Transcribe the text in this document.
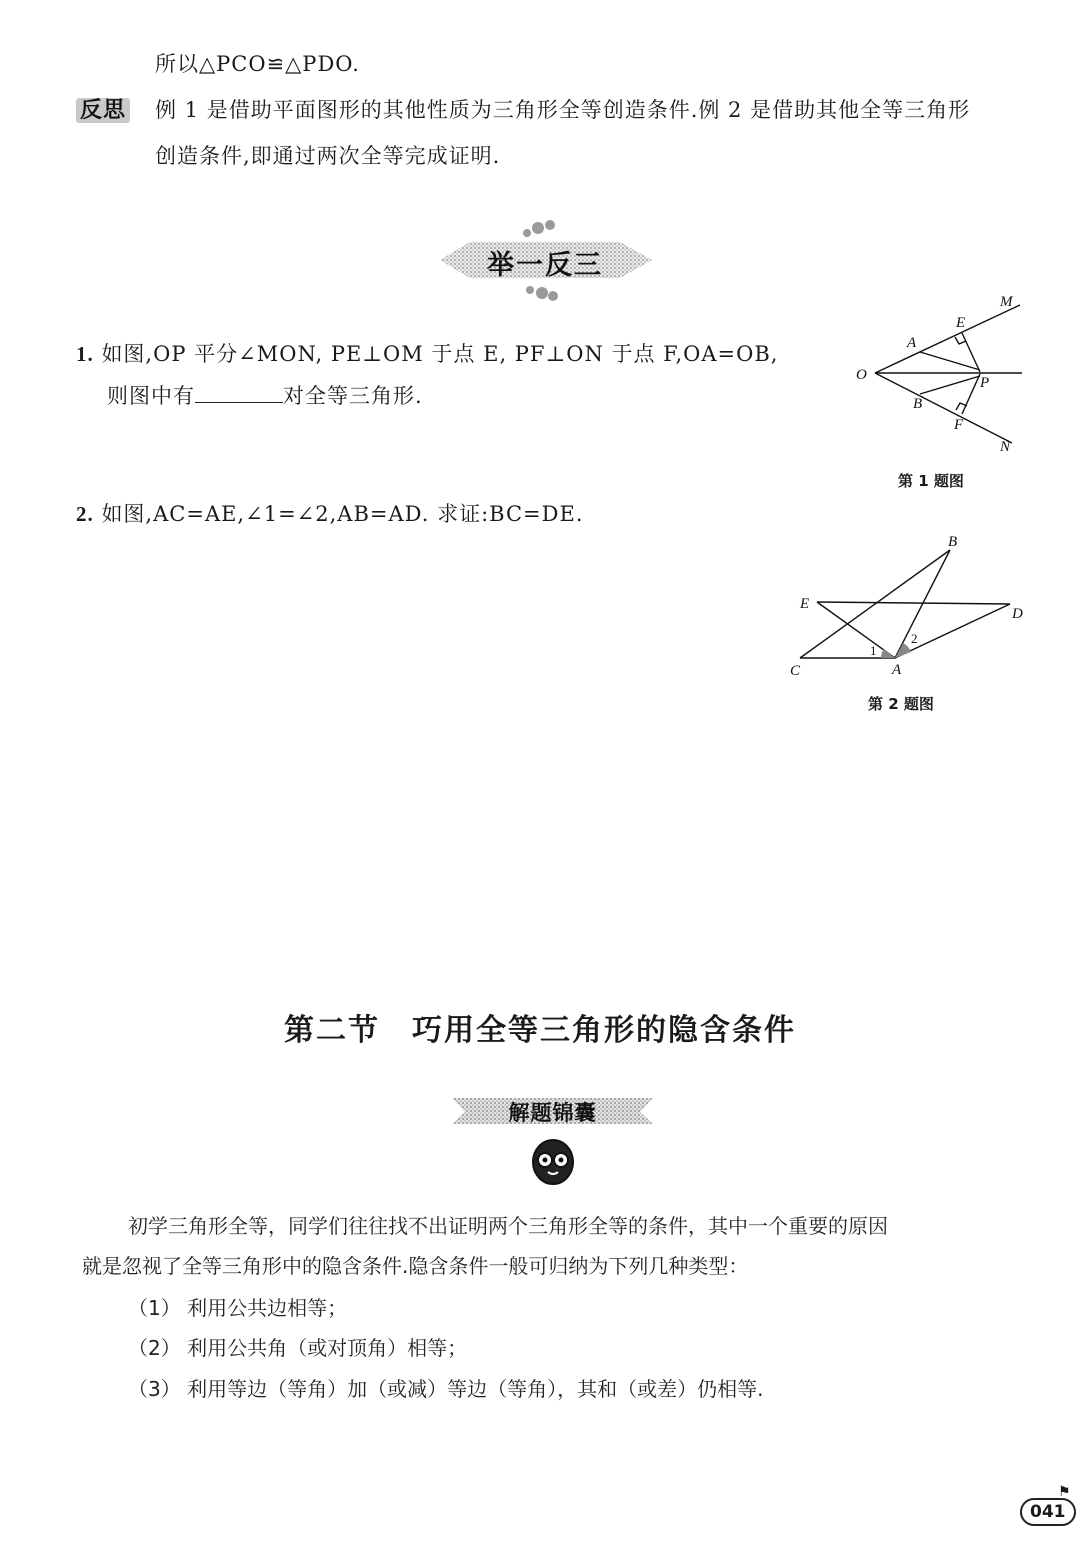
所以△PCO≌△PDO.
反思 例 1 是借助平面图形的其他性质为三角形全等创造条件.例 2 是借助其他全等三角形
创造条件,即通过两次全等完成证明.
举一反三
1. 如图,OP 平分∠MON, PE⊥OM 于点 E, PF⊥ON 于点 F,OA=OB,
则图中有	对全等三角形.
M
E
A
O	P
B
F
N
第 1 题图
2. 如图,AC=AE,∠1=∠2,AB=AD. 求证:BC=DE.
B
E
D
C	A
1
2
第 2 题图
第二节　巧用全等三角形的隐含条件
解题锦囊
初学三角形全等，同学们往往找不出证明两个三角形全等的条件，其中一个重要的原因
就是忽视了全等三角形中的隐含条件.隐含条件一般可归纳为下列几种类型：
（1） 利用公共边相等；
（2） 利用公共角（或对顶角）相等；
（3） 利用等边（等角）加（或减）等边（等角），其和（或差）仍相等.
041
⚑
